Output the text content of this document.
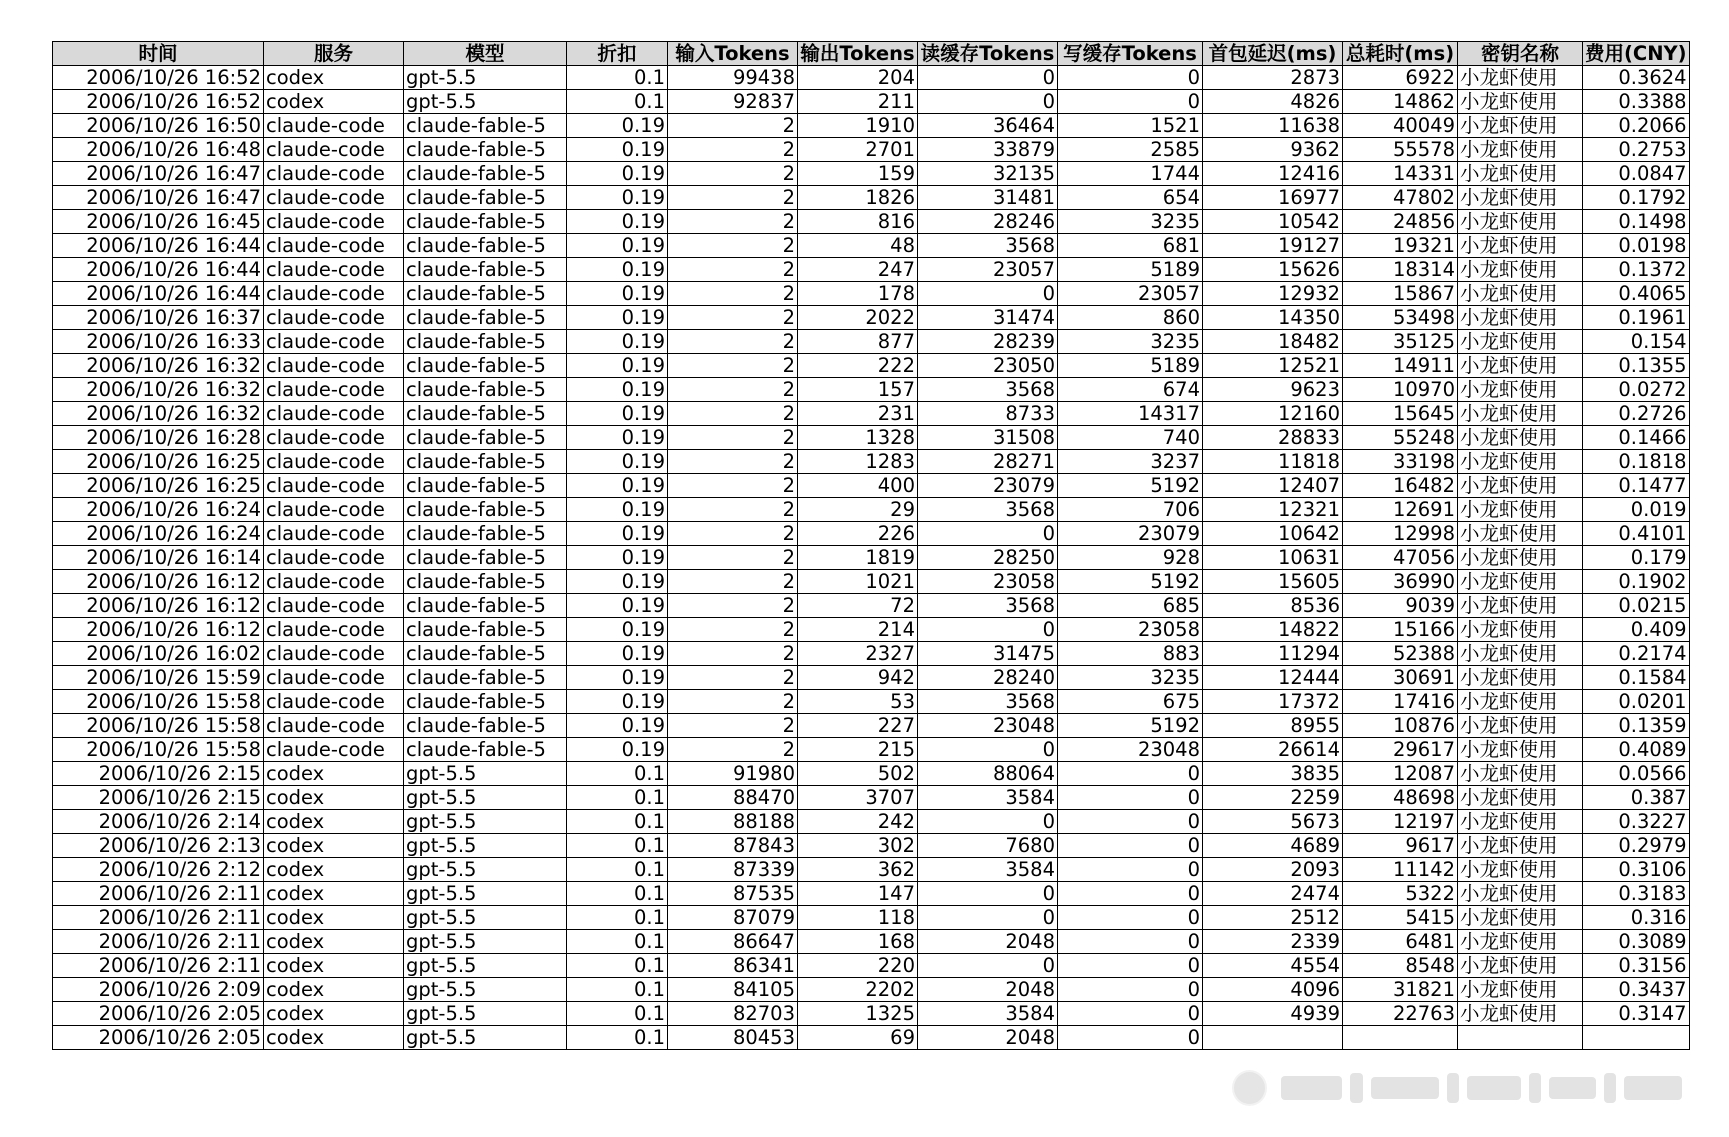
时间	服务	模型	折扣	输入Tokens	输出Tokens	读缓存Tokens	写缓存Tokens	首包延迟(ms)	总耗时(ms)	密钥名称	费用(CNY)
2006/10/26 16:52	codex	gpt-5.5	0.1	99438	204	0	0	2873	6922	小龙虾使用	0.3624
2006/10/26 16:52	codex	gpt-5.5	0.1	92837	211	0	0	4826	14862	小龙虾使用	0.3388
2006/10/26 16:50	claude-code	claude-fable-5	0.19	2	1910	36464	1521	11638	40049	小龙虾使用	0.2066
2006/10/26 16:48	claude-code	claude-fable-5	0.19	2	2701	33879	2585	9362	55578	小龙虾使用	0.2753
2006/10/26 16:47	claude-code	claude-fable-5	0.19	2	159	32135	1744	12416	14331	小龙虾使用	0.0847
2006/10/26 16:47	claude-code	claude-fable-5	0.19	2	1826	31481	654	16977	47802	小龙虾使用	0.1792
2006/10/26 16:45	claude-code	claude-fable-5	0.19	2	816	28246	3235	10542	24856	小龙虾使用	0.1498
2006/10/26 16:44	claude-code	claude-fable-5	0.19	2	48	3568	681	19127	19321	小龙虾使用	0.0198
2006/10/26 16:44	claude-code	claude-fable-5	0.19	2	247	23057	5189	15626	18314	小龙虾使用	0.1372
2006/10/26 16:44	claude-code	claude-fable-5	0.19	2	178	0	23057	12932	15867	小龙虾使用	0.4065
2006/10/26 16:37	claude-code	claude-fable-5	0.19	2	2022	31474	860	14350	53498	小龙虾使用	0.1961
2006/10/26 16:33	claude-code	claude-fable-5	0.19	2	877	28239	3235	18482	35125	小龙虾使用	0.154
2006/10/26 16:32	claude-code	claude-fable-5	0.19	2	222	23050	5189	12521	14911	小龙虾使用	0.1355
2006/10/26 16:32	claude-code	claude-fable-5	0.19	2	157	3568	674	9623	10970	小龙虾使用	0.0272
2006/10/26 16:32	claude-code	claude-fable-5	0.19	2	231	8733	14317	12160	15645	小龙虾使用	0.2726
2006/10/26 16:28	claude-code	claude-fable-5	0.19	2	1328	31508	740	28833	55248	小龙虾使用	0.1466
2006/10/26 16:25	claude-code	claude-fable-5	0.19	2	1283	28271	3237	11818	33198	小龙虾使用	0.1818
2006/10/26 16:25	claude-code	claude-fable-5	0.19	2	400	23079	5192	12407	16482	小龙虾使用	0.1477
2006/10/26 16:24	claude-code	claude-fable-5	0.19	2	29	3568	706	12321	12691	小龙虾使用	0.019
2006/10/26 16:24	claude-code	claude-fable-5	0.19	2	226	0	23079	10642	12998	小龙虾使用	0.4101
2006/10/26 16:14	claude-code	claude-fable-5	0.19	2	1819	28250	928	10631	47056	小龙虾使用	0.179
2006/10/26 16:12	claude-code	claude-fable-5	0.19	2	1021	23058	5192	15605	36990	小龙虾使用	0.1902
2006/10/26 16:12	claude-code	claude-fable-5	0.19	2	72	3568	685	8536	9039	小龙虾使用	0.0215
2006/10/26 16:12	claude-code	claude-fable-5	0.19	2	214	0	23058	14822	15166	小龙虾使用	0.409
2006/10/26 16:02	claude-code	claude-fable-5	0.19	2	2327	31475	883	11294	52388	小龙虾使用	0.2174
2006/10/26 15:59	claude-code	claude-fable-5	0.19	2	942	28240	3235	12444	30691	小龙虾使用	0.1584
2006/10/26 15:58	claude-code	claude-fable-5	0.19	2	53	3568	675	17372	17416	小龙虾使用	0.0201
2006/10/26 15:58	claude-code	claude-fable-5	0.19	2	227	23048	5192	8955	10876	小龙虾使用	0.1359
2006/10/26 15:58	claude-code	claude-fable-5	0.19	2	215	0	23048	26614	29617	小龙虾使用	0.4089
2006/10/26 2:15	codex	gpt-5.5	0.1	91980	502	88064	0	3835	12087	小龙虾使用	0.0566
2006/10/26 2:15	codex	gpt-5.5	0.1	88470	3707	3584	0	2259	48698	小龙虾使用	0.387
2006/10/26 2:14	codex	gpt-5.5	0.1	88188	242	0	0	5673	12197	小龙虾使用	0.3227
2006/10/26 2:13	codex	gpt-5.5	0.1	87843	302	7680	0	4689	9617	小龙虾使用	0.2979
2006/10/26 2:12	codex	gpt-5.5	0.1	87339	362	3584	0	2093	11142	小龙虾使用	0.3106
2006/10/26 2:11	codex	gpt-5.5	0.1	87535	147	0	0	2474	5322	小龙虾使用	0.3183
2006/10/26 2:11	codex	gpt-5.5	0.1	87079	118	0	0	2512	5415	小龙虾使用	0.316
2006/10/26 2:11	codex	gpt-5.5	0.1	86647	168	2048	0	2339	6481	小龙虾使用	0.3089
2006/10/26 2:11	codex	gpt-5.5	0.1	86341	220	0	0	4554	8548	小龙虾使用	0.3156
2006/10/26 2:09	codex	gpt-5.5	0.1	84105	2202	2048	0	4096	31821	小龙虾使用	0.3437
2006/10/26 2:05	codex	gpt-5.5	0.1	82703	1325	3584	0	4939	22763	小龙虾使用	0.3147
2006/10/26 2:05	codex	gpt-5.5	0.1	80453	69	2048	0				
